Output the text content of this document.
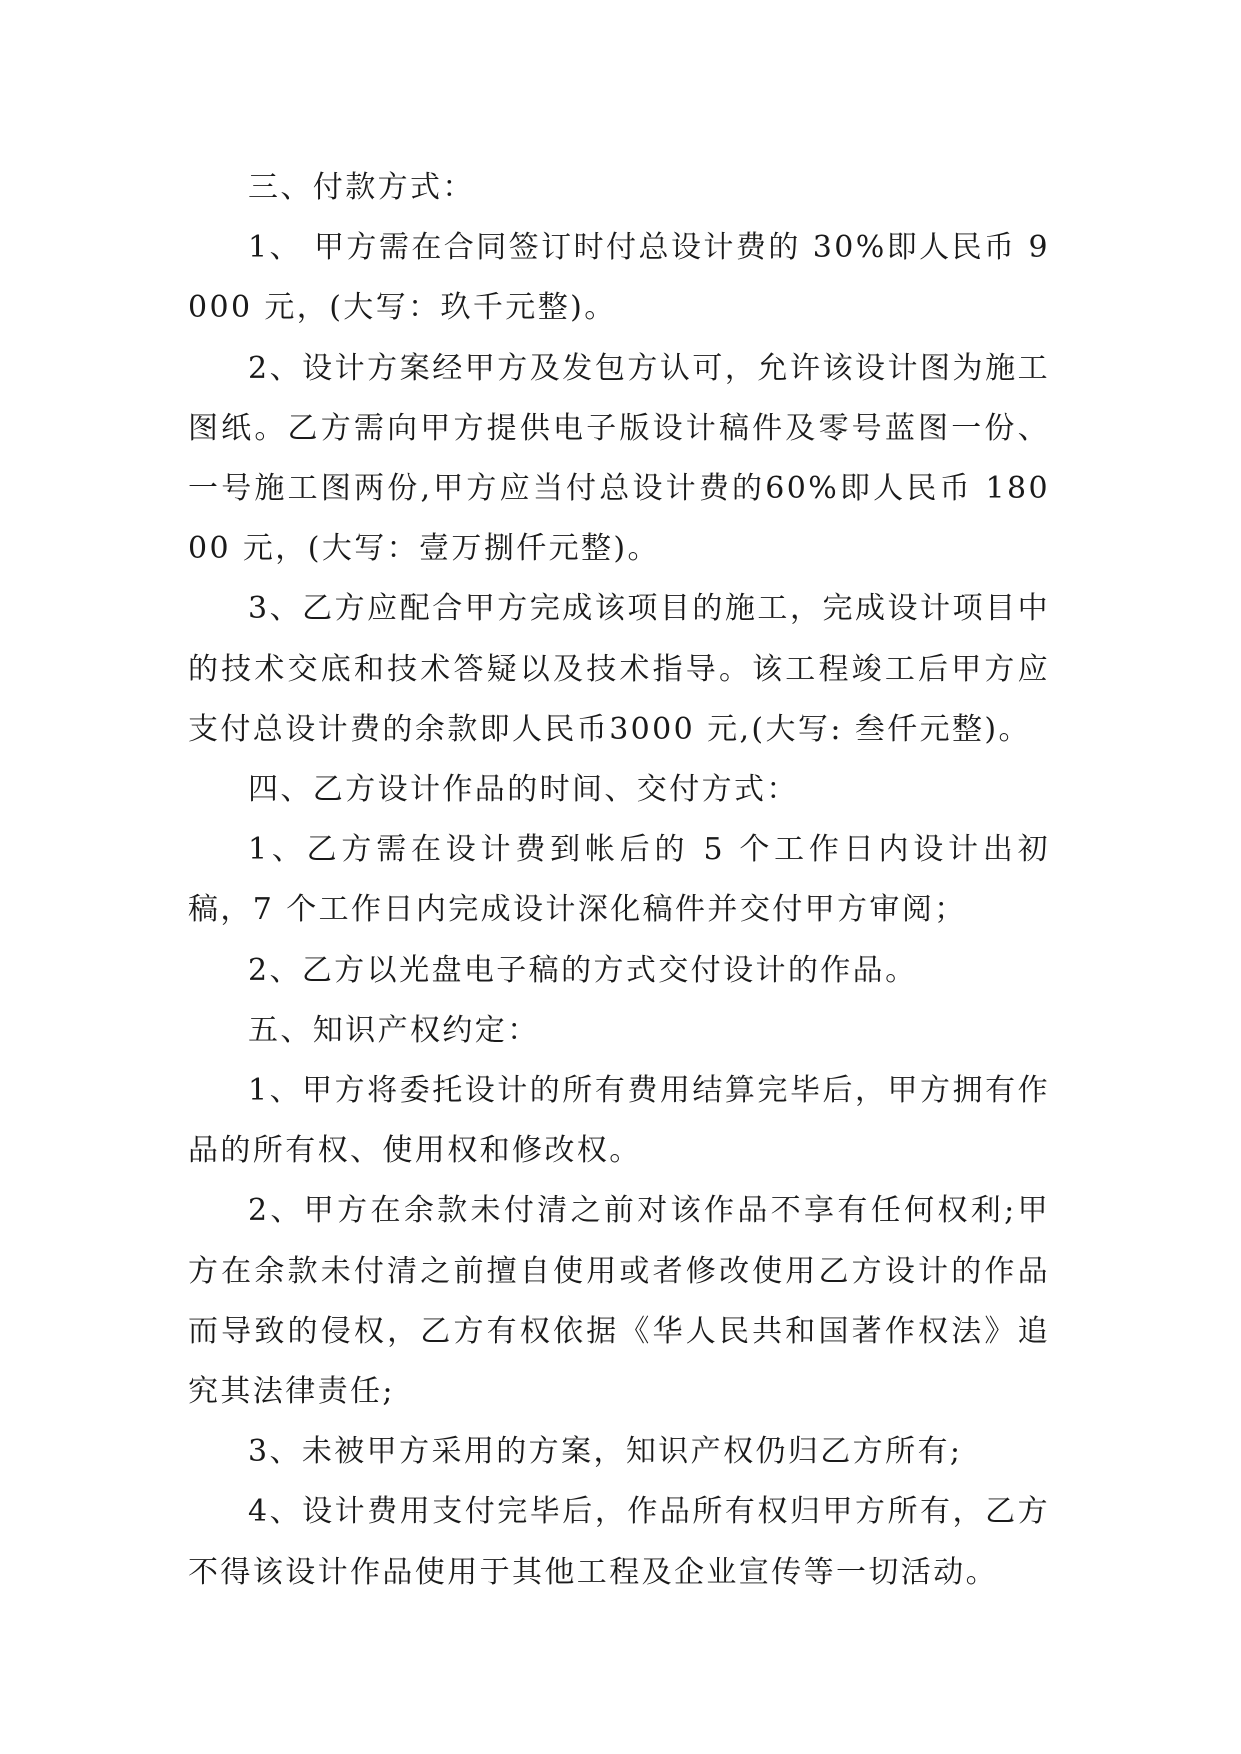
三、付款方式：

1、 甲方需在合同签订时付总设计费的 30%即人民币 9000 元，(大写：玖千元整)。

2、设计方案经甲方及发包方认可，允许该设计图为施工图纸。乙方需向甲方提供电子版设计稿件及零号蓝图一份、一号施工图两份,甲方应当付总设计费的60%即人民币 18000 元，(大写：壹万捌仟元整)。

3、乙方应配合甲方完成该项目的施工，完成设计项目中的技术交底和技术答疑以及技术指导。该工程竣工后甲方应支付总设计费的余款即人民币3000 元,(大写: 叁仟元整)。

四、乙方设计作品的时间、交付方式：

1、乙方需在设计费到帐后的 5 个工作日内设计出初稿，7 个工作日内完成设计深化稿件并交付甲方审阅；

2、乙方以光盘电子稿的方式交付设计的作品。

五、知识产权约定：

1、甲方将委托设计的所有费用结算完毕后，甲方拥有作品的所有权、使用权和修改权。

2、甲方在余款未付清之前对该作品不享有任何权利;甲方在余款未付清之前擅自使用或者修改使用乙方设计的作品而导致的侵权，乙方有权依据《华人民共和国著作权法》追究其法律责任;

3、未被甲方采用的方案，知识产权仍归乙方所有;

4、设计费用支付完毕后，作品所有权归甲方所有，乙方不得该设计作品使用于其他工程及企业宣传等一切活动。
